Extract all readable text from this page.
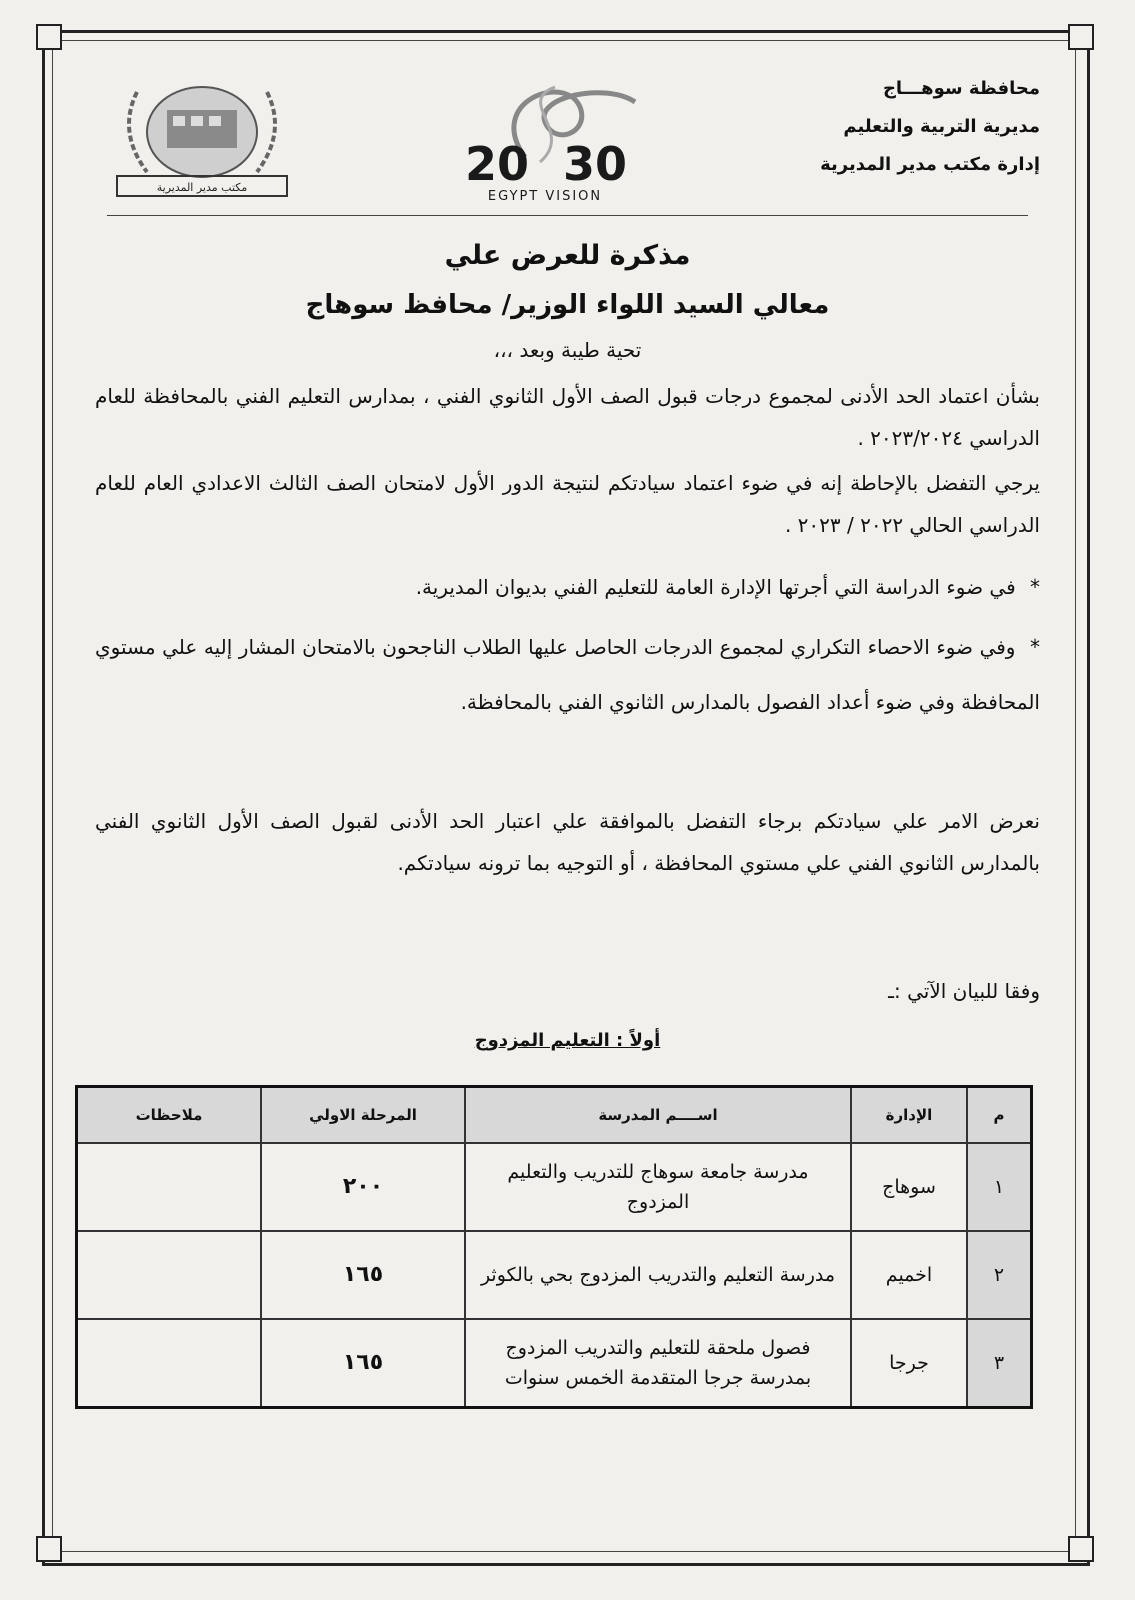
محافظة سوهـــاج
مديرية التربية والتعليم
إدارة مكتب مدير المديرية
20 30
EGYPT VISION
مكتب مدير المديرية
مذكرة للعرض علي
معالي السيد اللواء الوزير/ محافظ سوهاج
تحية طيبة وبعد ،،،
بشأن اعتماد الحد الأدنى لمجموع درجات قبول الصف الأول الثانوي الفني ، بمدارس التعليم الفني بالمحافظة للعام الدراسي ٢٠٢٣/٢٠٢٤ .
يرجي التفضل بالإحاطة إنه في ضوء اعتماد سيادتكم لنتيجة الدور الأول لامتحان الصف الثالث الاعدادي العام للعام الدراسي الحالي ٢٠٢٢ / ٢٠٢٣ .
* في ضوء الدراسة التي أجرتها الإدارة العامة للتعليم الفني بديوان المديرية.
* وفي ضوء الاحصاء التكراري لمجموع الدرجات الحاصل عليها الطلاب الناجحون بالامتحان المشار إليه علي مستوي المحافظة وفي ضوء أعداد الفصول بالمدارس الثانوي الفني بالمحافظة.
نعرض الامر علي سيادتكم برجاء التفضل بالموافقة علي اعتبار الحد الأدنى لقبول الصف الأول الثانوي الفني بالمدارس الثانوي الفني علي مستوي المحافظة ، أو التوجيه بما ترونه سيادتكم.
وفقا للبيان الآتي :ـ
أولاً : التعليم المزدوج
م	الإدارة	اســــم المدرسة	المرحلة الاولي	ملاحظات
١	سوهاج	مدرسة جامعة سوهاج للتدريب والتعليم المزدوج	٢٠٠	
٢	اخميم	مدرسة التعليم والتدريب المزدوج بحي بالكوثر	١٦٥	
٣	جرجا	فصول ملحقة للتعليم والتدريب المزدوج بمدرسة جرجا المتقدمة الخمس سنوات	١٦٥	
